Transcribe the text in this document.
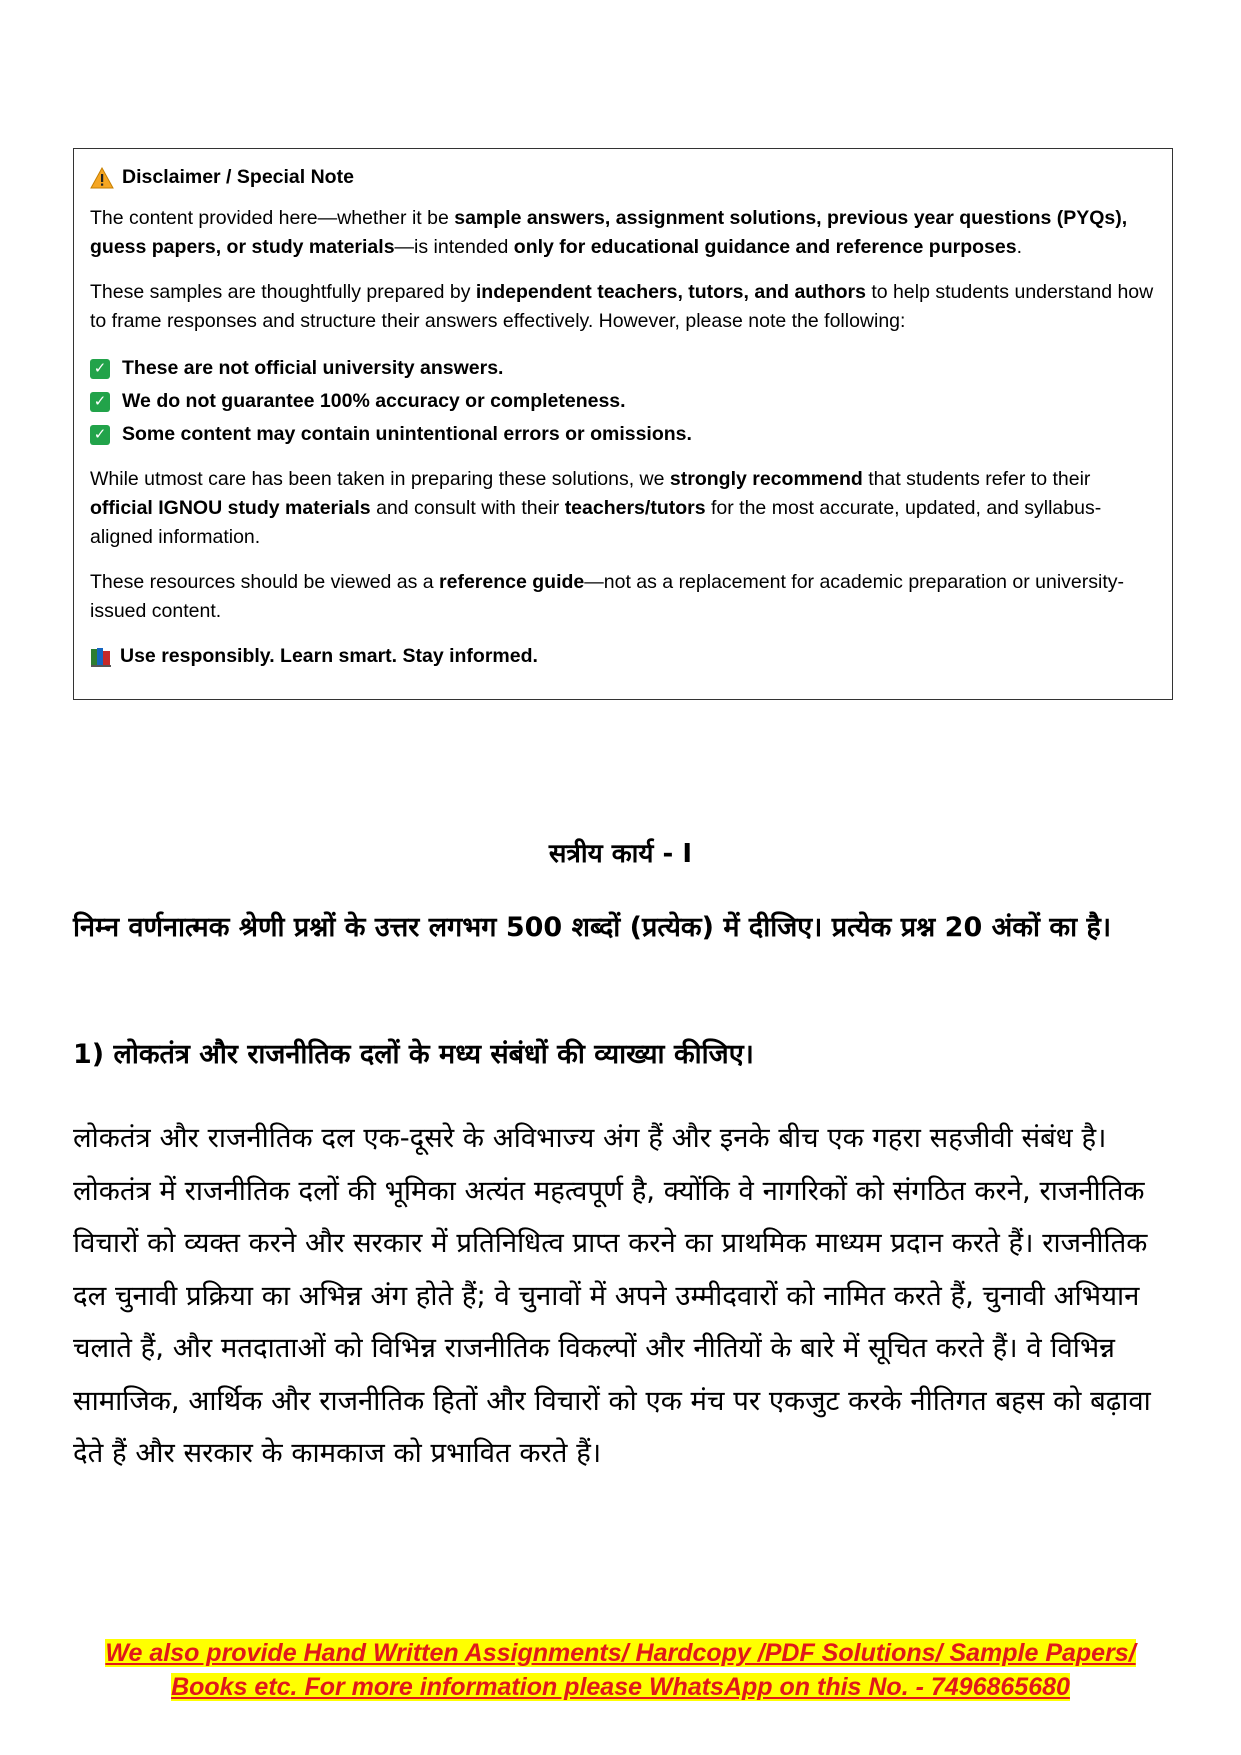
Disclaimer / Special Note

The content provided here—whether it be sample answers, assignment solutions, previous year questions (PYQs), guess papers, or study materials—is intended only for educational guidance and reference purposes.

These samples are thoughtfully prepared by independent teachers, tutors, and authors to help students understand how to frame responses and structure their answers effectively. However, please note the following:

✓ These are not official university answers.
✓ We do not guarantee 100% accuracy or completeness.
✓ Some content may contain unintentional errors or omissions.

While utmost care has been taken in preparing these solutions, we strongly recommend that students refer to their official IGNOU study materials and consult with their teachers/tutors for the most accurate, updated, and syllabus-aligned information.

These resources should be viewed as a reference guide—not as a replacement for academic preparation or university-issued content.

Use responsibly. Learn smart. Stay informed.
सत्रीय कार्य - I
निम्न वर्णनात्मक श्रेणी प्रश्नों के उत्तर लगभग 500 शब्दों (प्रत्येक) में दीजिए। प्रत्येक प्रश्न 20 अंकों का है।
1) लोकतंत्र और राजनीतिक दलों के मध्य संबंधों की व्याख्या कीजिए।
लोकतंत्र और राजनीतिक दल एक-दूसरे के अविभाज्य अंग हैं और इनके बीच एक गहरा सहजीवी संबंध है। लोकतंत्र में राजनीतिक दलों की भूमिका अत्यंत महत्वपूर्ण है, क्योंकि वे नागरिकों को संगठित करने, राजनीतिक विचारों को व्यक्त करने और सरकार में प्रतिनिधित्व प्राप्त करने का प्राथमिक माध्यम प्रदान करते हैं। राजनीतिक दल चुनावी प्रक्रिया का अभिन्न अंग होते हैं; वे चुनावों में अपने उम्मीदवारों को नामित करते हैं, चुनावी अभियान चलाते हैं, और मतदाताओं को विभिन्न राजनीतिक विकल्पों और नीतियों के बारे में सूचित करते हैं। वे विभिन्न सामाजिक, आर्थिक और राजनीतिक हितों और विचारों को एक मंच पर एकजुट करके नीतिगत बहस को बढ़ावा देते हैं और सरकार के कामकाज को प्रभावित करते हैं।
We also provide Hand Written Assignments/ Hardcopy /PDF Solutions/ Sample Papers/
Books etc. For more information please WhatsApp on this No. - 7496865680
